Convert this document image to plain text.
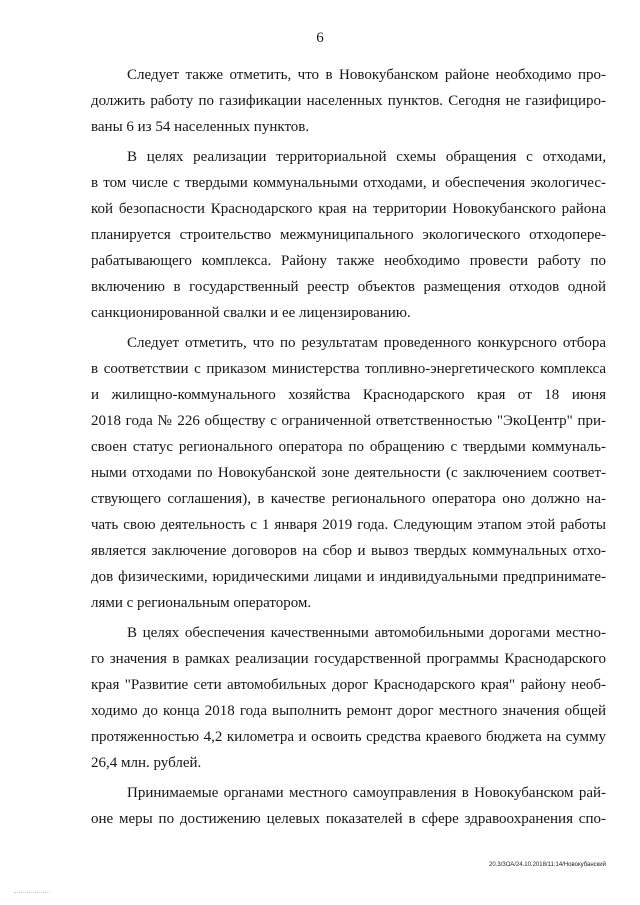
6
Следует также отметить, что в Новокубанском районе необходимо про-
должить работу по газификации населенных пунктов. Сегодня не газифициро-
ваны 6 из 54 населенных пунктов.
В целях реализации территориальной схемы обращения с отходами,
в том числе с твердыми коммунальными отходами, и обеспечения экологичес-
кой безопасности Краснодарского края на территории Новокубанского района
планируется строительство межмуниципального экологического отходопере-
рабатывающего комплекса. Району также необходимо провести работу по
включению в государственный реестр объектов размещения отходов одной
санкционированной свалки и ее лицензированию.
Следует отметить, что по результатам проведенного конкурсного отбора
в соответствии с приказом министерства топливно-энергетического комплекса
и жилищно-коммунального хозяйства Краснодарского края от 18 июня
2018 года № 226 обществу с ограниченной ответственностью "ЭкоЦентр" при-
своен статус регионального оператора по обращению с твердыми коммуналь-
ными отходами по Новокубанской зоне деятельности (с заключением соответ-
ствующего соглашения), в качестве регионального оператора оно должно на-
чать свою деятельность с 1 января 2019 года. Следующим этапом этой работы
является заключение договоров на сбор и вывоз твердых коммунальных отхо-
дов физическими, юридическими лицами и индивидуальными предпринимате-
лями с региональным оператором.
В целях обеспечения качественными автомобильными дорогами местно-
го значения в рамках реализации государственной программы Краснодарского
края "Развитие сети автомобильных дорог Краснодарского края" району необ-
ходимо до конца 2018 года выполнить ремонт дорог местного значения общей
протяженностью 4,2 километра и освоить средства краевого бюджета на сумму
26,4 млн. рублей.
Принимаемые органами местного самоуправления в Новокубанском рай-
оне меры по достижению целевых показателей в сфере здравоохранения спо-
20.3/3ОА/24.10.2018/11:14/Новокубанский
